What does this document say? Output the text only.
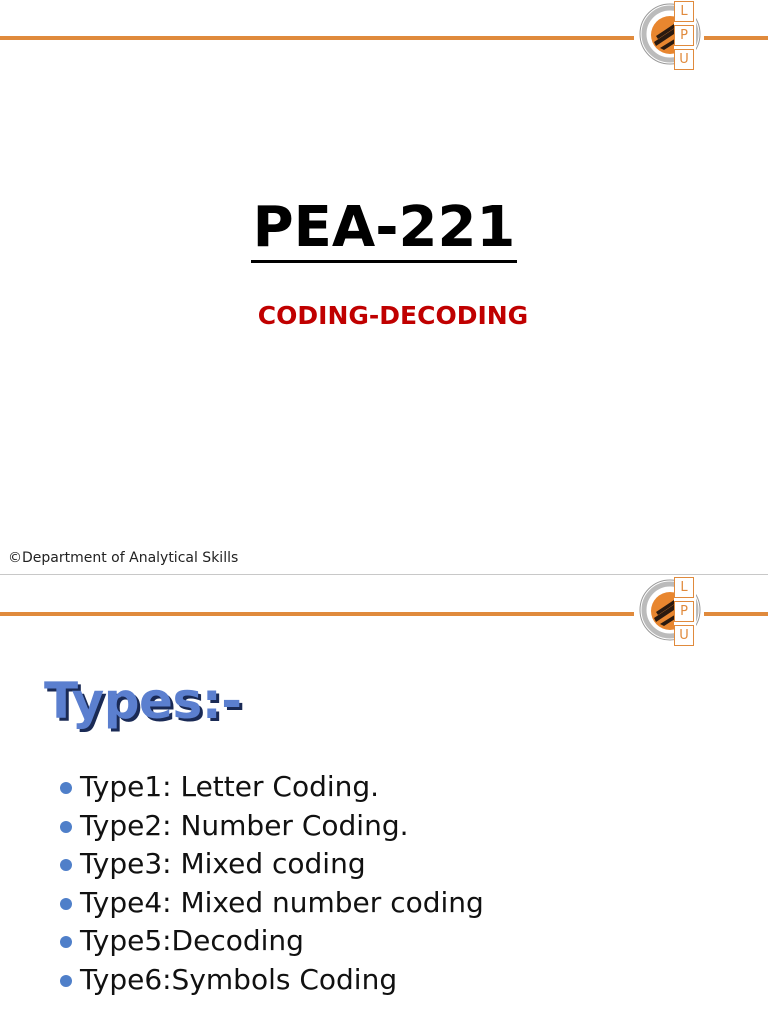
L
P
U
PEA-221
CODING-DECODING
©Department of Analytical Skills
L
P
U
Types:-
Type1: Letter Coding.
Type2: Number Coding.
Type3: Mixed coding
Type4: Mixed number coding
Type5:Decoding
Type6:Symbols Coding
